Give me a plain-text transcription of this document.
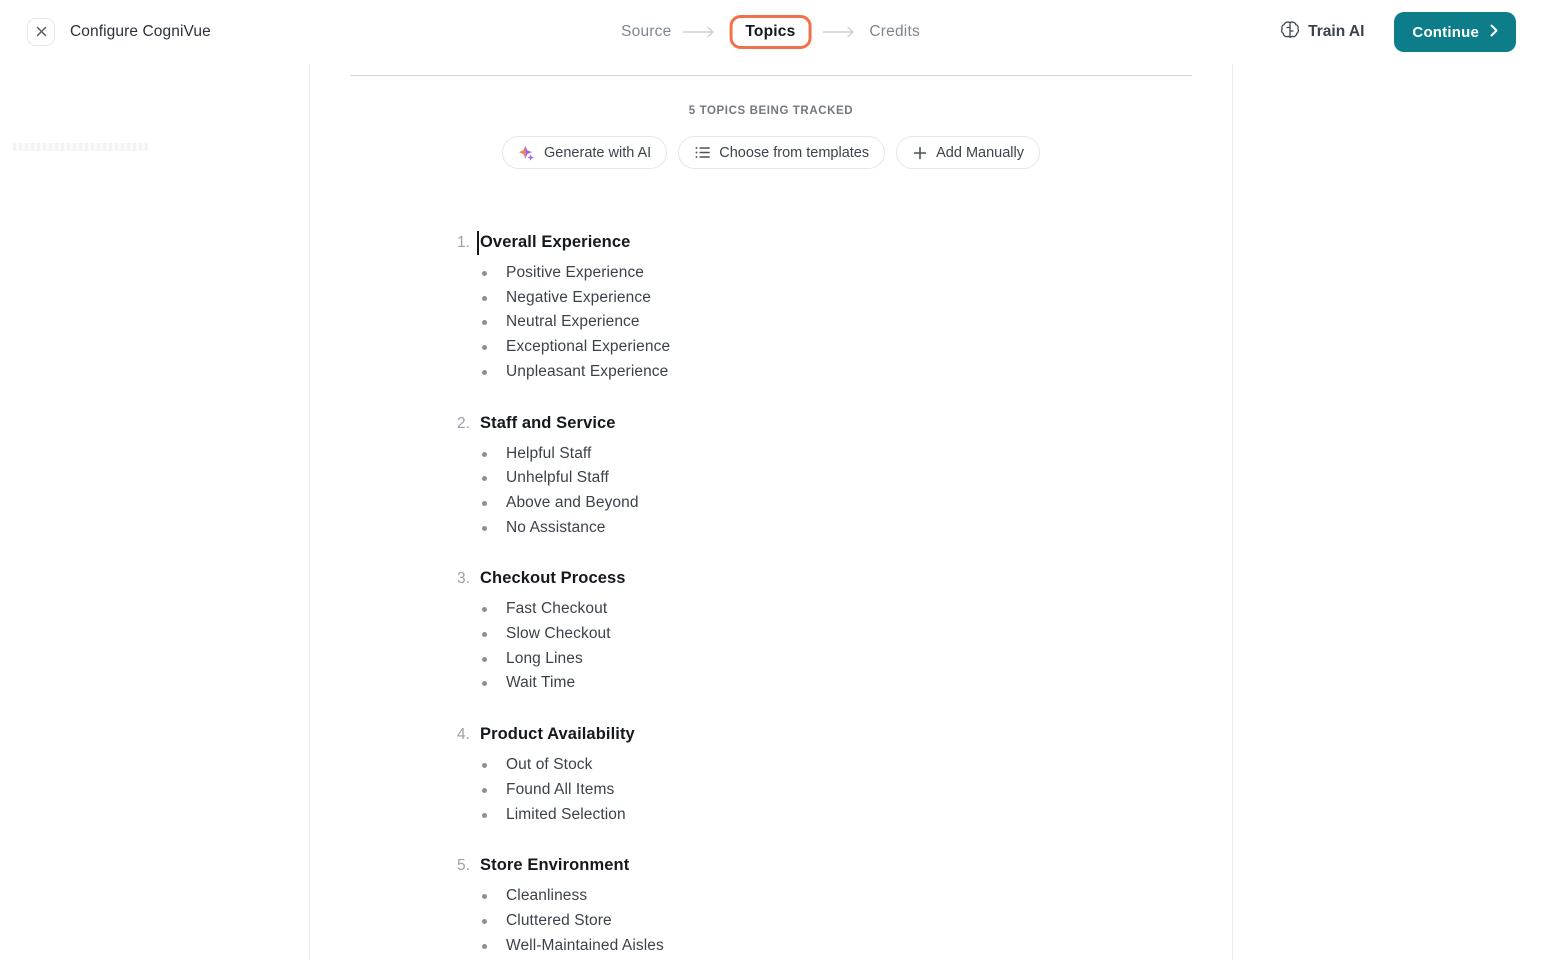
Configure CogniVue	Source	Topics	Credits	Train AI	Continue
5 TOPICS BEING TRACKED
Generate with AI	Choose from templates	Add Manually
1. Overall Experience
Positive Experience
Negative Experience
Neutral Experience
Exceptional Experience
Unpleasant Experience
2. Staff and Service
Helpful Staff
Unhelpful Staff
Above and Beyond
No Assistance
3. Checkout Process
Fast Checkout
Slow Checkout
Long Lines
Wait Time
4. Product Availability
Out of Stock
Found All Items
Limited Selection
5. Store Environment
Cleanliness
Cluttered Store
Well-Maintained Aisles
